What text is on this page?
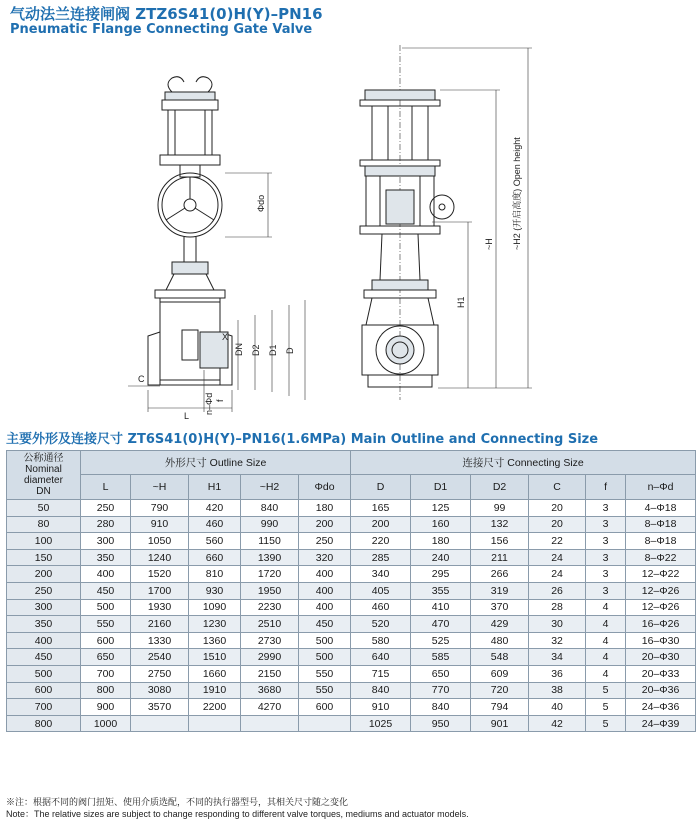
气动法兰连接闸阀 ZTZ6S41(0)H(Y)–PN16
Pneumatic Flange Connecting Gate Valve
Φdo
X
DN D2 D1 D
L
C
n–Φd f
H1
~H ~H2 (开启高度) Open height
主要外形及连接尺寸 ZT6S41(0)H(Y)–PN16(1.6MPa) Main Outline and Connecting Size
公称通径
Nominal
diameter
DN	外形尺寸 Outline Size					连接尺寸 Connecting Size					
	L	~H	H1	~H2	Φdo	D	D1	D2	C	f	n–Φd
50	250	790	420	840	180	165	125	99	20	3	4–Φ18
80	280	910	460	990	200	200	160	132	20	3	8–Φ18
100	300	1050	560	1150	250	220	180	156	22	3	8–Φ18
150	350	1240	660	1390	320	285	240	211	24	3	8–Φ22
200	400	1520	810	1720	400	340	295	266	24	3	12–Φ22
250	450	1700	930	1950	400	405	355	319	26	3	12–Φ26
300	500	1930	1090	2230	400	460	410	370	28	4	12–Φ26
350	550	2160	1230	2510	450	520	470	429	30	4	16–Φ26
400	600	1330	1360	2730	500	580	525	480	32	4	16–Φ30
450	650	2540	1510	2990	500	640	585	548	34	4	20–Φ30
500	700	2750	1660	2150	550	715	650	609	36	4	20–Φ33
600	800	3080	1910	3680	550	840	770	720	38	5	20–Φ36
700	900	3570	2200	4270	600	910	840	794	40	5	24–Φ36
800	1000					1025	950	901	42	5	24–Φ39
※注：根据不同的阀门扭矩、使用介质选配，不同的执行器型号，其相关尺寸随之变化
Note：The relative sizes are subject to change responding to different valve torques, mediums and actuator models.
